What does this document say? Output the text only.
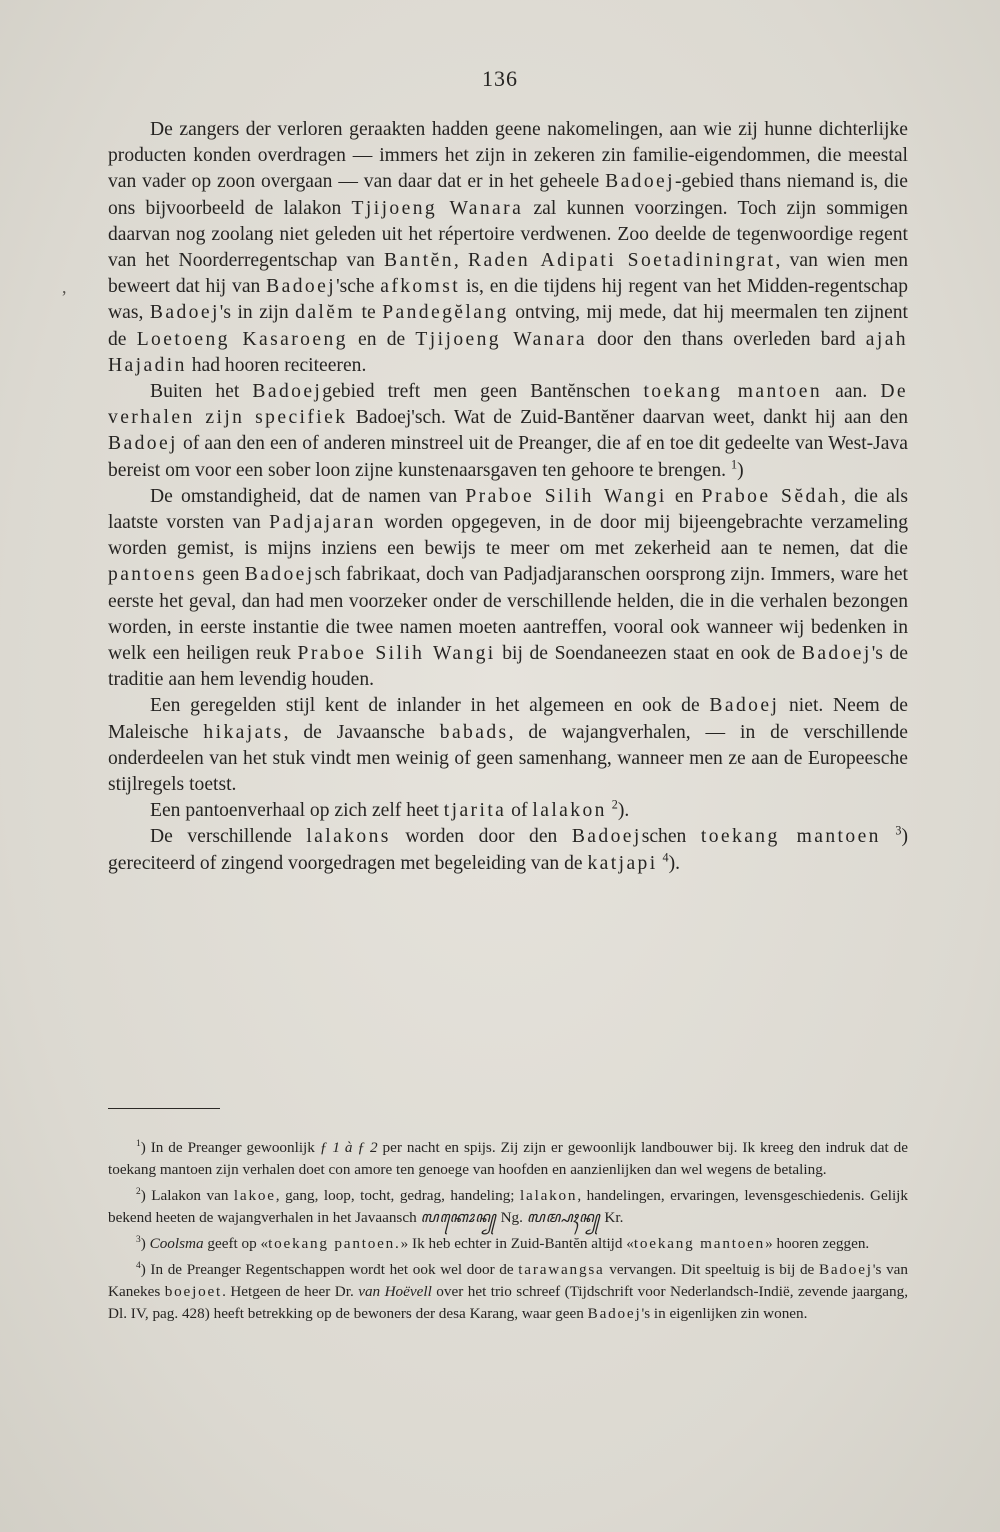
136
,

De zangers der verloren geraakten hadden geene nakomelingen, aan wie zij hunne dichterlijke producten konden overdragen — immers het zijn in zekeren zin familie-eigendommen, die meestal van vader op zoon overgaan — van daar dat er in het geheele Badoej-gebied thans niemand is, die ons bijvoorbeeld de lalakon Tjijoeng Wanara zal kunnen voorzingen. Toch zijn sommigen daarvan nog zoolang niet geleden uit het répertoire verdwenen. Zoo deelde de tegenwoordige regent van het Noorderregentschap van Bantĕn, Raden Adipati Soetadiningrat, van wien men beweert dat hij van Badoej'sche afkomst is, en die tijdens hij regent van het Midden-regentschap was, Badoej's in zijn dalĕm te Pandegĕlang ontving, mij mede, dat hij meermalen ten zijnent de Loetoeng Kasaroeng en de Tjijoeng Wanara door den thans overleden bard ajah Hajadin had hooren reciteeren.

Buiten het Badoejgebied treft men geen Bantĕnschen toekang mantoen aan. De verhalen zijn specifiek Badoej'sch. Wat de Zuid-Bantĕner daarvan weet, dankt hij aan den Badoej of aan den een of anderen minstreel uit de Preanger, die af en toe dit gedeelte van West-Java bereist om voor een sober loon zijne kunstenaarsgaven ten gehoore te brengen. $^1$)

De omstandigheid, dat de namen van Praboe Silih Wangi en Praboe Sĕdah, die als laatste vorsten van Padjajaran worden opgegeven, in de door mij bijeengebrachte verzameling worden gemist, is mijns inziens een bewijs te meer om met zekerheid aan te nemen, dat die pantoens geen Badoejsch fabrikaat, doch van Padjadjaranschen oorsprong zijn. Immers, ware het eerste het geval, dan had men voorzeker onder de verschillende helden, die in die verhalen bezongen worden, in eerste instantie die twee namen moeten aantreffen, vooral ook wanneer wij bedenken in welk een heiligen reuk Praboe Silih Wangi bij de Soendaneezen staat en ook de Badoej's de traditie aan hem levendig houden.

Een geregelden stijl kent de inlander in het algemeen en ook de Badoej niet. Neem de Maleische hikajats, de Javaansche babads, de wajangverhalen, — in de verschillende onderdeelen van het stuk vindt men weinig of geen samenhang, wanneer men ze aan de Europeesche stijlregels toetst.

Een pantoenverhaal op zich zelf heet tjarita of lalakon $^2$).

De verschillende lalakons worden door den Badoejschen toekang mantoen $^3$) gereciteerd of zingend voorgedragen met begeleiding van de katjapi $^4$).

$^1$) In de Preanger gewoonlijk ƒ 1 à ƒ 2 per nacht en spijs. Zij zijn er gewoonlijk landbouwer bij. Ik kreeg den indruk dat de toekang mantoen zijn verhalen doet con amore ten genoege van hoofden en aanzienlijken dan wel wegens de betaling.

$^2$) Lalakon van lakoe, gang, loop, tocht, gedrag, handeling; lalakon, handelingen, ervaringen, levensgeschiedenis. Gelijk bekend heeten de wajangverhalen in het Javaansch ꦭꦏꦺꦴꦤ꧀ Ng. ꦭꦩ꧀ꦥꦃꦤ꧀ Kr.

$^3$) Coolsma geeft op «toekang pantoen.» Ik heb echter in Zuid-Bantĕn altijd «toekang mantoen» hooren zeggen.

$^4$) In de Preanger Regentschappen wordt het ook wel door de tarawangsa vervangen. Dit speeltuig is bij de Badoej's van Kanekes boejoet. Hetgeen de heer Dr. van Hoëvell over het trio schreef (Tijdschrift voor Nederlandsch-Indië, zevende jaargang, Dl. IV, pag. 428) heeft betrekking op de bewoners der desa Karang, waar geen Badoej's in eigenlijken zin wonen.
